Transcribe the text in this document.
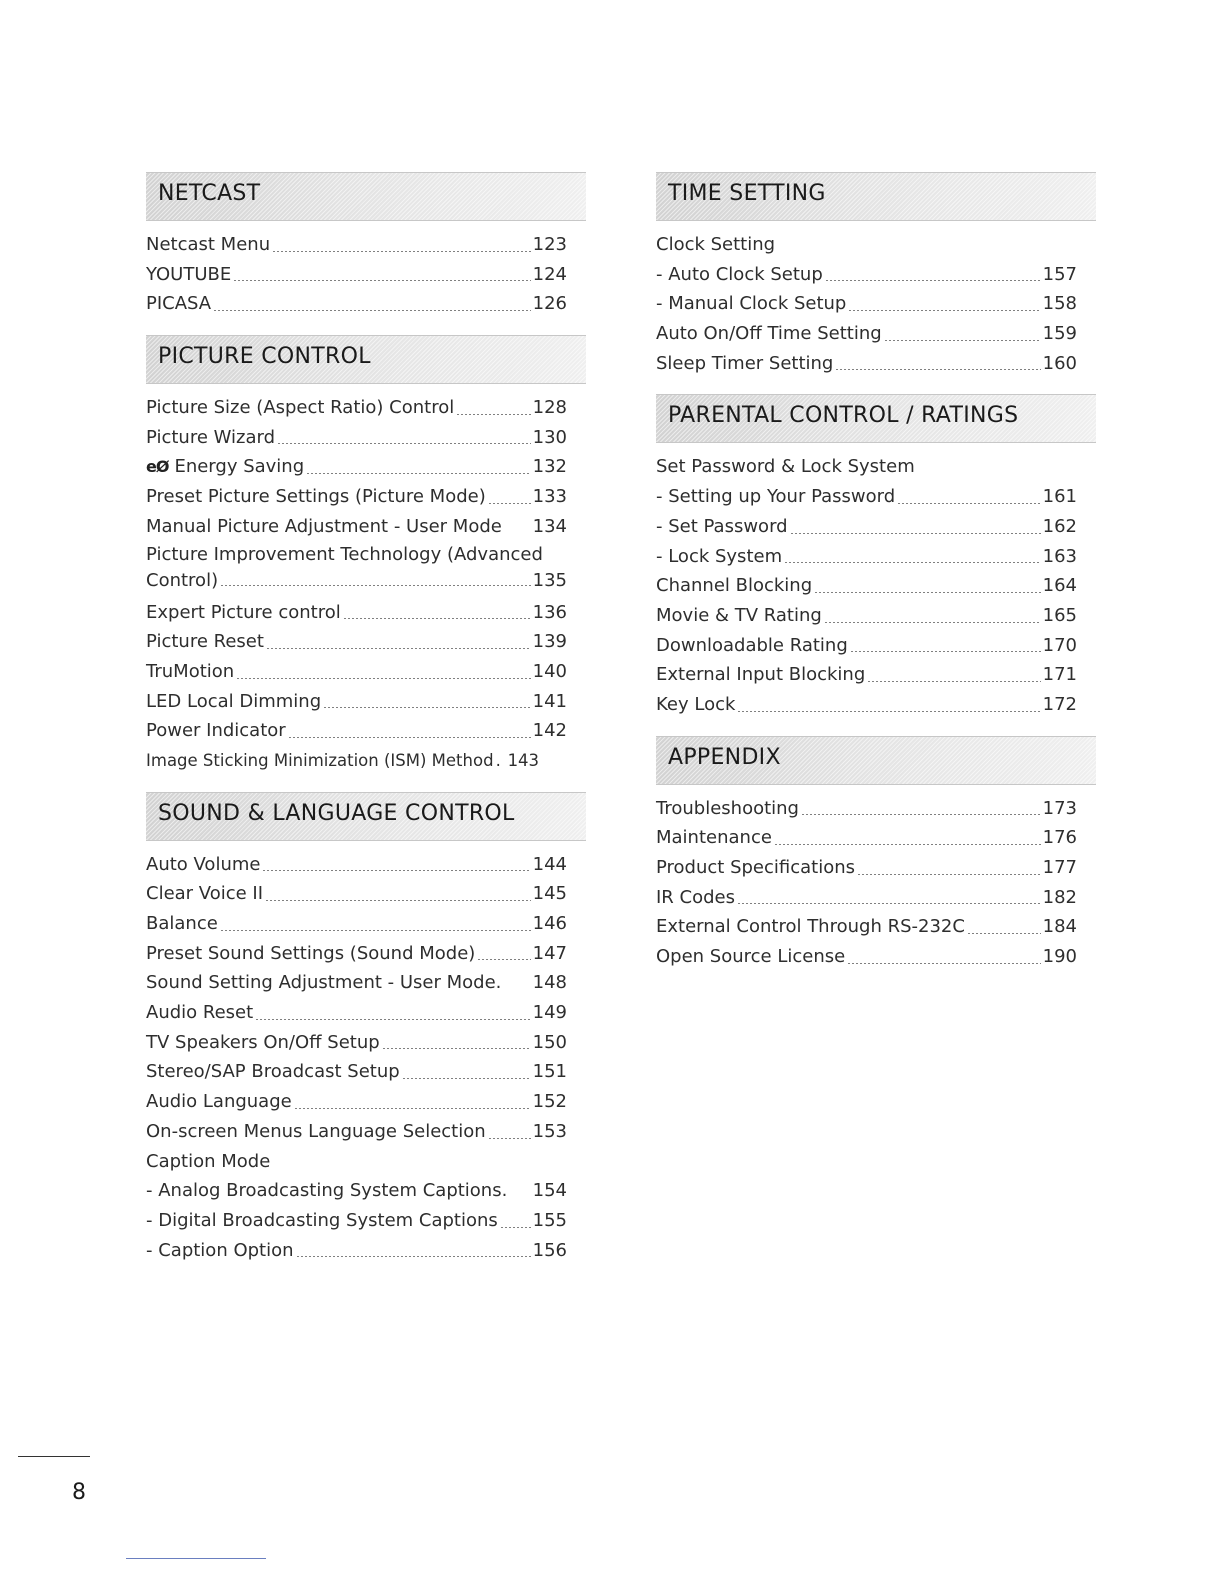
NETCAST
Netcast Menu	123
YOUTUBE	124
PICASA	126
PICTURE CONTROL
Picture Size (Aspect Ratio) Control	128
Picture Wizard	130
eØ Energy Saving	132
Preset Picture Settings (Picture Mode)	133
Manual Picture Adjustment - User Mode 134
Picture Improvement Technology (Advanced
Control)	135
Expert Picture control	136
Picture Reset	139
TruMotion	140
LED Local Dimming	141
Power Indicator	142
Image Sticking Minimization (ISM) Method . 143
SOUND & LANGUAGE CONTROL
Auto Volume	144
Clear Voice II	145
Balance	146
Preset Sound Settings (Sound Mode)	147
Sound Setting Adjustment - User Mode. 148
Audio Reset	149
TV Speakers On/Off Setup	150
Stereo/SAP Broadcast Setup	151
Audio Language	152
On-screen Menus Language Selection	153
Caption Mode
- Analog Broadcasting System Captions. 154
- Digital Broadcasting System Captions 155
- Caption Option	156
TIME SETTING
Clock Setting
- Auto Clock Setup	157
- Manual Clock Setup	158
Auto On/Off Time Setting	159
Sleep Timer Setting	160
PARENTAL CONTROL / RATINGS
Set Password & Lock System
- Setting up Your Password	161
- Set Password	162
- Lock System	163
Channel Blocking	164
Movie & TV Rating	165
Downloadable Rating	170
External Input Blocking	171
Key Lock	172
APPENDIX
Troubleshooting	173
Maintenance	176
Product Specifications	177
IR Codes	182
External Control Through RS-232C	184
Open Source License	190
8
